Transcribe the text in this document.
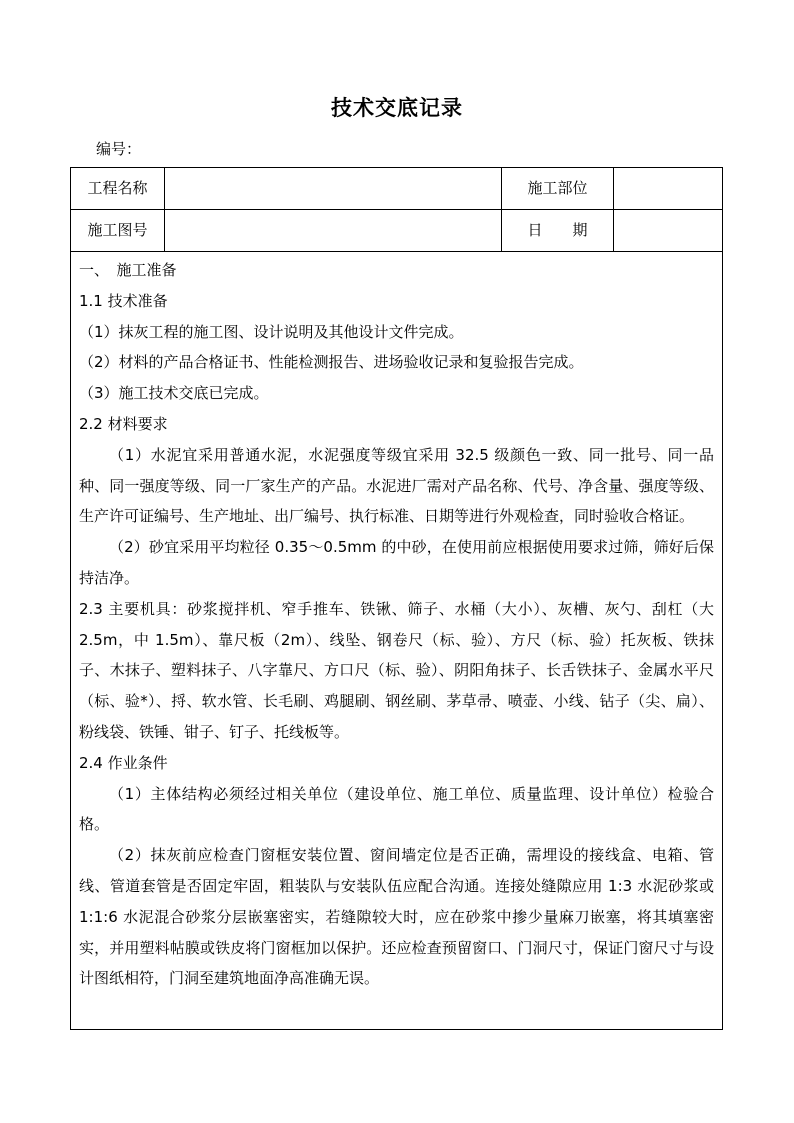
技术交底记录
编号：
工程名称	施工部位
施工图号	日　　期

一、　施工准备

1.1 技术准备

（1）抹灰工程的施工图、设计说明及其他设计文件完成。

（2）材料的产品合格证书、性能检测报告、进场验收记录和复验报告完成。

（3）施工技术交底已完成。

2.2 材料要求

（1）水泥宜采用普通水泥，水泥强度等级宜采用 32.5 级颜色一致、同一批号、同一品种、同一强度等级、同一厂家生产的产品。水泥进厂需对产品名称、代号、净含量、强度等级、生产许可证编号、生产地址、出厂编号、执行标准、日期等进行外观检查，同时验收合格证。

（2）砂宜采用平均粒径 0.35～0.5mm 的中砂，在使用前应根据使用要求过筛，筛好后保持洁净。

2.3 主要机具：砂浆搅拌机、窄手推车、铁锹、筛子、水桶（大小）、灰槽、灰勺、刮杠（大 2.5m，中 1.5m）、靠尺板（2m）、线坠、钢卷尺（标、验）、方尺（标、验）托灰板、铁抹子、木抹子、塑料抹子、八字靠尺、方口尺（标、验）、阴阳角抹子、长舌铁抹子、金属水平尺（标、验*）、捋、软水管、长毛刷、鸡腿刷、钢丝刷、茅草帚、喷壶、小线、钻子（尖、扁）、粉线袋、铁锤、钳子、钉子、托线板等。

2.4 作业条件

（1）主体结构必须经过相关单位（建设单位、施工单位、质量监理、设计单位）检验合格。

（2）抹灰前应检查门窗框安装位置、窗间墙定位是否正确，需埋设的接线盒、电箱、管线、管道套管是否固定牢固，粗装队与安装队伍应配合沟通。连接处缝隙应用 1:3 水泥砂浆或 1:1:6 水泥混合砂浆分层嵌塞密实，若缝隙较大时，应在砂浆中掺少量麻刀嵌塞，将其填塞密实，并用塑料帖膜或铁皮将门窗框加以保护。还应检查预留窗口、门洞尺寸，保证门窗尺寸与设计图纸相符，门洞至建筑地面净高准确无误。
